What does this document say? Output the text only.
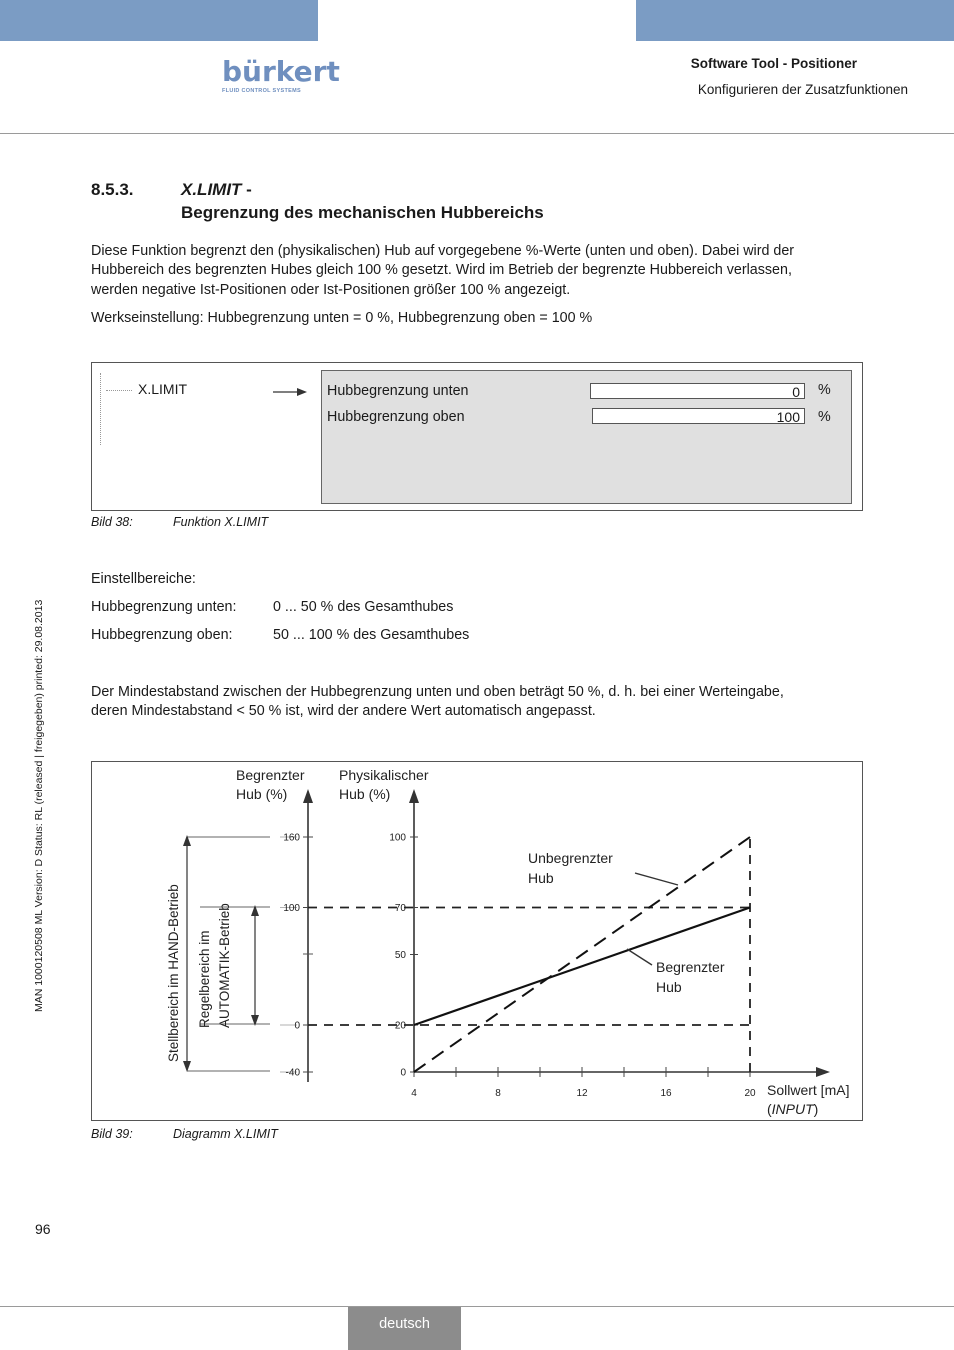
bürkert
FLUID CONTROL SYSTEMS
Software Tool - Positioner
Konfigurieren der Zusatzfunktionen
MAN 1000120508 ML Version: D Status: RL (released | freigegeben) printed: 29.08.2013
8.5.3.	X.LIMIT -
Begrenzung des mechanischen Hubbereichs
Diese Funktion begrenzt den (physikalischen) Hub auf vorgegebene %-Werte (unten und oben). Dabei wird der
Hubbereich des begrenzten Hubes gleich 100 % gesetzt. Wird im Betrieb der begrenzte Hubbereich verlassen,
werden negative Ist-Positionen oder Ist-Positionen größer 100 % angezeigt.
Werkseinstellung: Hubbegrenzung unten = 0 %, Hubbegrenzung oben = 100 %
X.LIMIT	Hubbegrenzung unten	0	%
Hubbegrenzung oben	100	%
Bild 38:	Funktion X.LIMIT
Einstellbereiche:
Hubbegrenzung unten:	0 ... 50 % des Gesamthubes
Hubbegrenzung oben:	50 ... 100 % des Gesamthubes
Der Mindestabstand zwischen der Hubbegrenzung unten und oben beträgt 50 %, d. h. bei einer Werteingabe,
deren Mindestabstand < 50 % ist, wird der andere Wert automatisch angepasst.
Stellbereich im HAND-Betrieb Regelbereich im AUTOMATIK-Betrieb
Begrenzter
Hub (%)
Physikalischer
Hub (%)
Sollwert [mA]
(INPUT)
4	8	12	16	20
100
70
50
20
0
160
100
0
-40
Unbegrenzter
Hub
Begrenzter
Hub
Bild 39:	Diagramm X.LIMIT
96
deutsch
